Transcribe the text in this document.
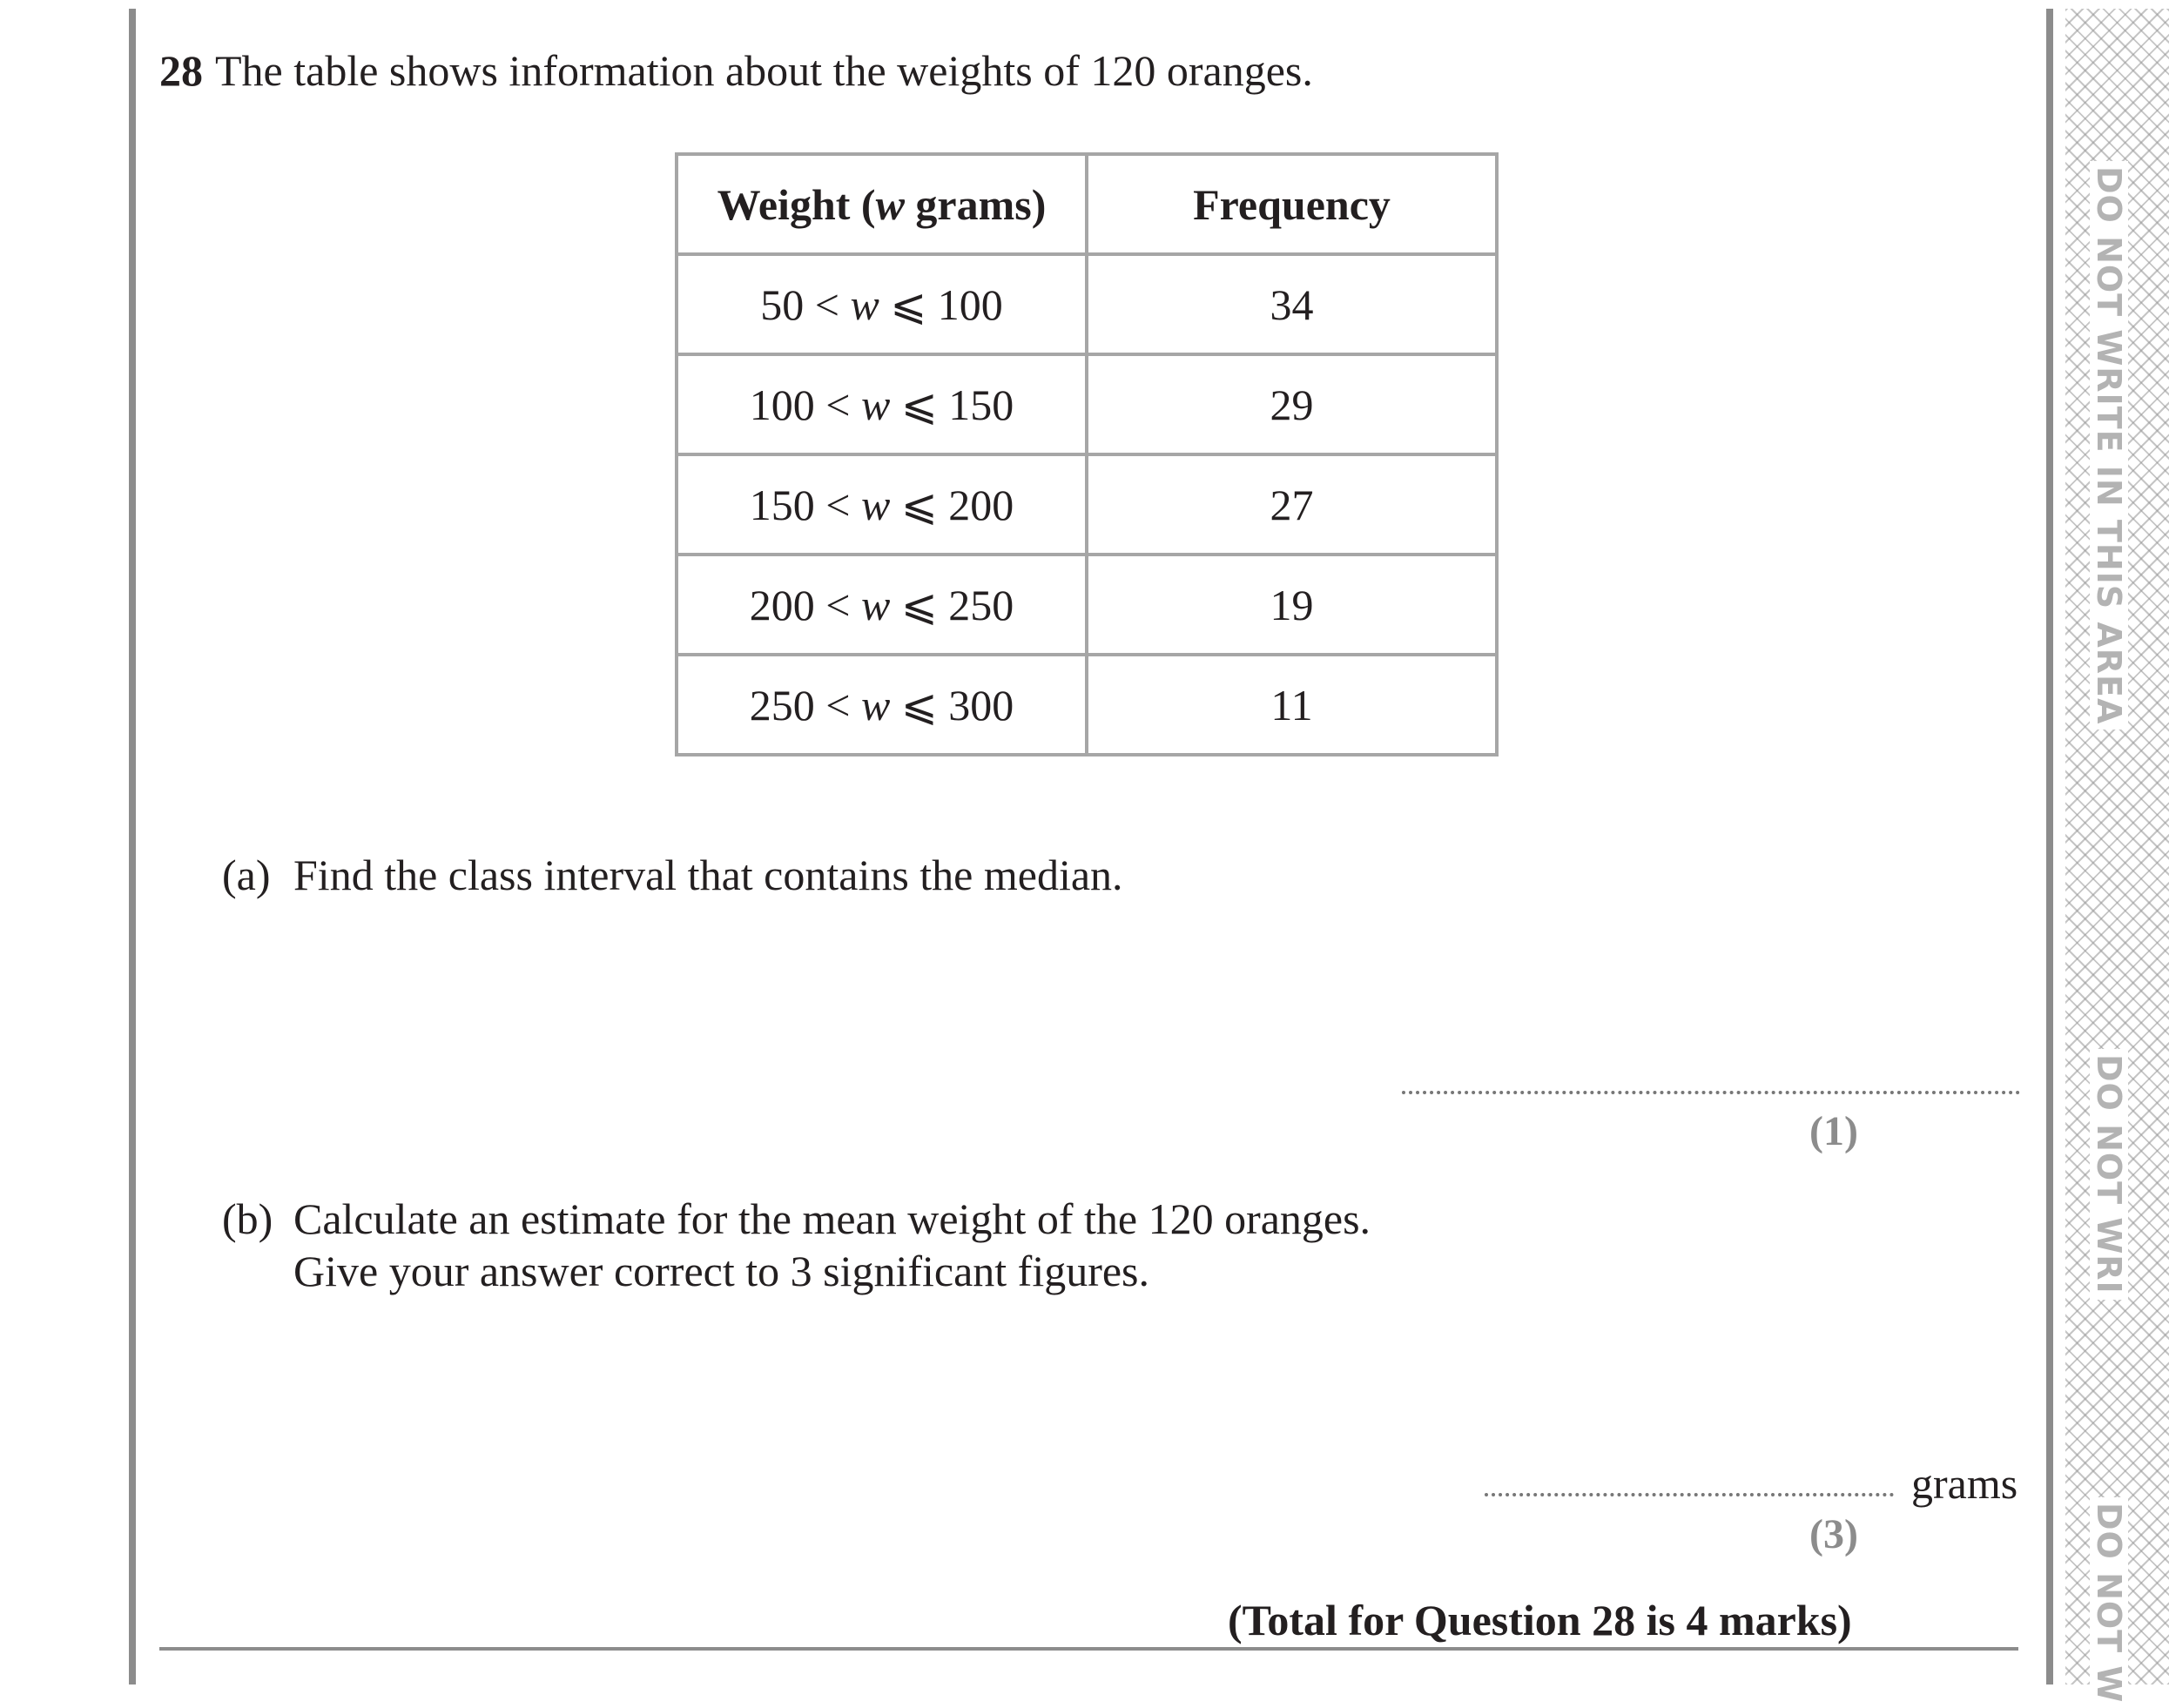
DO NOT WRITE IN THIS AREA
DO NOT WRI
DO NOT W
28 The table shows information about the weights of 120 oranges.
Weight (w grams)	Frequency
50 < w ⩽ 100	34
100 < w ⩽ 150	29
150 < w ⩽ 200	27
200 < w ⩽ 250	19
250 < w ⩽ 300	11
(a) Find the class interval that contains the median.
(1)
(b) Calculate an estimate for the mean weight of the 120 oranges.
Give your answer correct to 3 significant figures.
grams
(3)
(Total for Question 28 is 4 marks)
